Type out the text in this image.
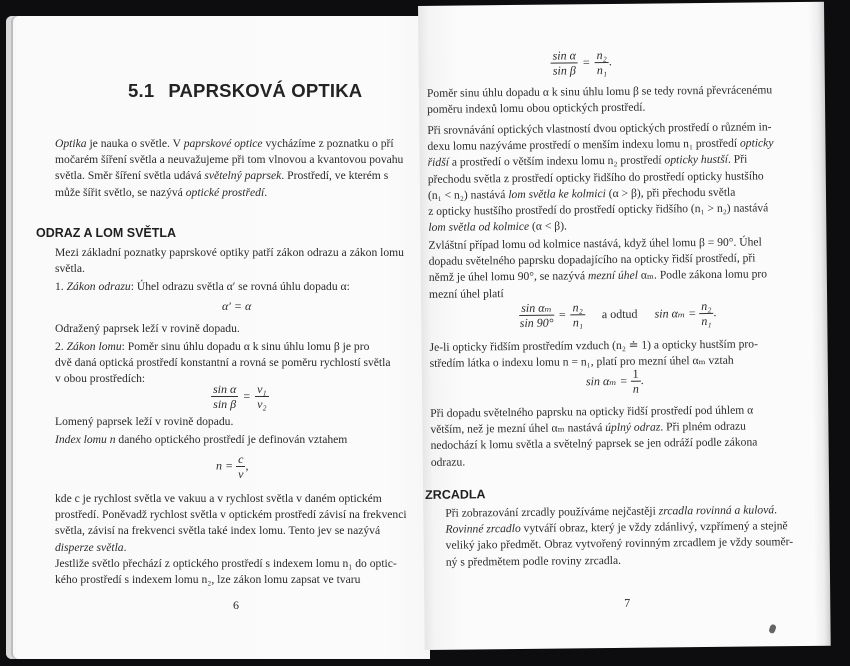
5.1 PAPRSKOVÁ OPTIKA
Optika je nauka o světle. V paprskové optice vycházíme z poznatku o pří
močarém šíření světla a neuvažujeme při tom vlnovou a kvantovou povahu
světla. Směr šíření světla udává světelný paprsek. Prostředí, ve kterém s
může šířit světlo, se nazývá optické prostředí.
ODRAZ A LOM SVĚTLA
Mezi základní poznatky paprskové optiky patří zákon odrazu a zákon lomu
světla.
1. Zákon odrazu: Úhel odrazu světla α′ se rovná úhlu dopadu α:
α′ = α
Odražený paprsek leží v rovině dopadu.
2. Zákon lomu: Poměr sinu úhlu dopadu α k sinu úhlu lomu β je pro
dvě daná optická prostředí konstantní a rovná se poměru rychlostí světla
v obou prostředích:
$\frac{\text{sin α}}{\text{sin β}} = \frac{\text{v₁}}{\text{v₂}}$
Lomený paprsek leží v rovině dopadu.
Index lomu n daného optického prostředí je definován vztahem
$n = \frac{c}{v}$ ,
kde c je rychlost světla ve vakuu a v rychlost světla v daném optickém
prostředí. Poněvadž rychlost světla v optickém prostředí závisí na frekvenci
světla, závisí na frekvenci světla také index lomu. Tento jev se nazývá
disperze světla.
Jestliže světlo přechází z optického prostředí s indexem lomu n₁ do optic-
kého prostředí s indexem lomu n₂, lze zákon lomu zapsat ve tvaru
6
$\frac{\text{sin α}}{\text{sin β}} = \frac{\text{n₂}}{\text{n₁}}$ .
Poměr sinu úhlu dopadu α k sinu úhlu lomu β se tedy rovná převrácenému
poměru indexů lomu obou optických prostředí.
Při srovnávání optických vlastností dvou optických prostředí o různém in-
dexu lomu nazýváme prostředí o menším indexu lomu n₁ prostředí opticky
řidší a prostředí o větším indexu lomu n₂ prostředí opticky hustší. Při
přechodu světla z prostředí opticky řidšího do prostředí opticky hustšího
(n₁ < n₂) nastává lom světla ke kolmici (α > β), při přechodu světla
z opticky hustšího prostředí do prostředí opticky řidšího (n₁ > n₂) nastává
lom světla od kolmice (α < β).
Zvláštní případ lomu od kolmice nastává, když úhel lomu β = 90°. Úhel
dopadu světelného paprsku dopadajícího na opticky řidší prostředí, při
němž je úhel lomu 90°, se nazývá mezní úhel αₘ. Podle zákona lomu pro
mezní úhel platí
$\frac{\text{sin αₘ}}{\sin 90^\circ} = \frac{\text{n₂}}{\text{n₁}}$ a odtud $\sin \alpha_m = \frac{\text{n₂}}{\text{n₁}}$ .
Je-li opticky řidším prostředím vzduch (n₂ ≐ 1) a opticky hustším pro-
středím látka o indexu lomu n = n₁, platí pro mezní úhel αₘ vztah
$\sin \alpha_m = \frac{1}{n}$ .
Při dopadu světelného paprsku na opticky řidší prostředí pod úhlem α
větším, než je mezní úhel αₘ nastává úplný odraz. Při plném odrazu
nedochází k lomu světla a světelný paprsek se jen odráží podle zákona
odrazu.
ZRCADLA
Při zobrazování zrcadly používáme nejčastěji zrcadla rovinná a kulová.
Rovinné zrcadlo vytváří obraz, který je vždy zdánlivý, vzpřímený a stejně
veliký jako předmět. Obraz vytvořený rovinným zrcadlem je vždy souměr-
ný s předmětem podle roviny zrcadla.
7
